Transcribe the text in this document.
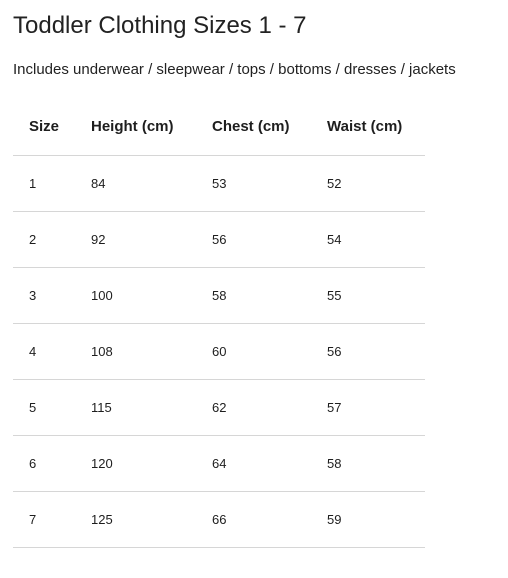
Toddler Clothing Sizes 1 - 7

Includes underwear / sleepwear / tops / bottoms / dresses / jackets

Size	Height (cm)	Chest (cm)	Waist (cm)
1	84	53	52
2	92	56	54
3	100	58	55
4	108	60	56
5	115	62	57
6	120	64	58
7	125	66	59
